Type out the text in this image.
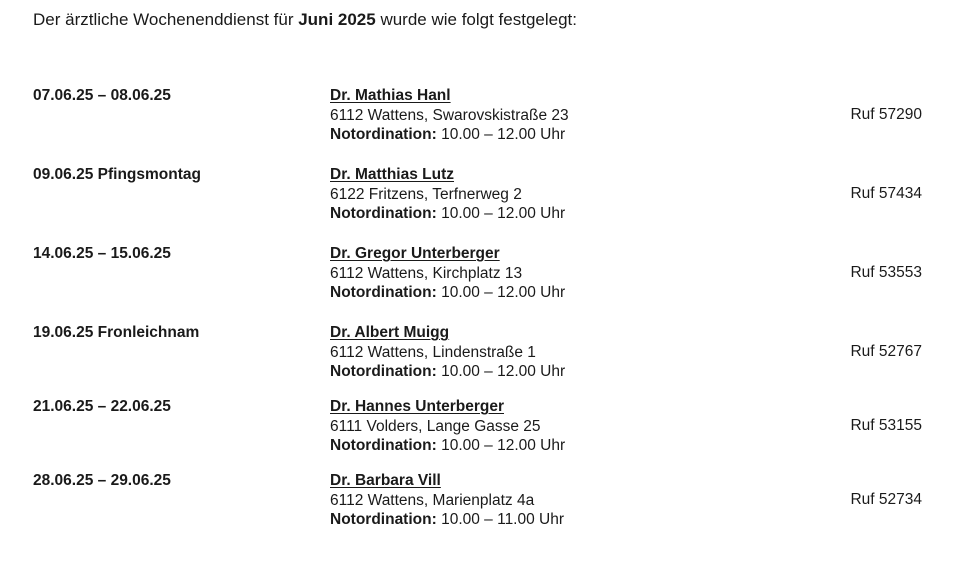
Der ärztliche Wochenenddienst für Juni 2025 wurde wie folgt festgelegt:
07.06.25 – 08.06.25	Dr. Mathias Hanl
6112 Wattens, Swarovskistraße 23
Notordination: 10.00 – 12.00 Uhr
Ruf 57290
09.06.25 Pfingsmontag	Dr. Matthias Lutz
6122 Fritzens, Terfnerweg 2
Notordination: 10.00 – 12.00 Uhr
Ruf 57434
14.06.25 – 15.06.25	Dr. Gregor Unterberger
6112 Wattens, Kirchplatz 13
Notordination: 10.00 – 12.00 Uhr
Ruf 53553
19.06.25 Fronleichnam	Dr. Albert Muigg
6112 Wattens, Lindenstraße 1
Notordination: 10.00 – 12.00 Uhr
Ruf 52767
21.06.25 – 22.06.25	Dr. Hannes Unterberger
6111 Volders, Lange Gasse 25
Notordination: 10.00 – 12.00 Uhr
Ruf 53155
28.06.25 – 29.06.25	Dr. Barbara Vill
6112 Wattens, Marienplatz 4a
Notordination: 10.00 – 11.00 Uhr
Ruf 52734
